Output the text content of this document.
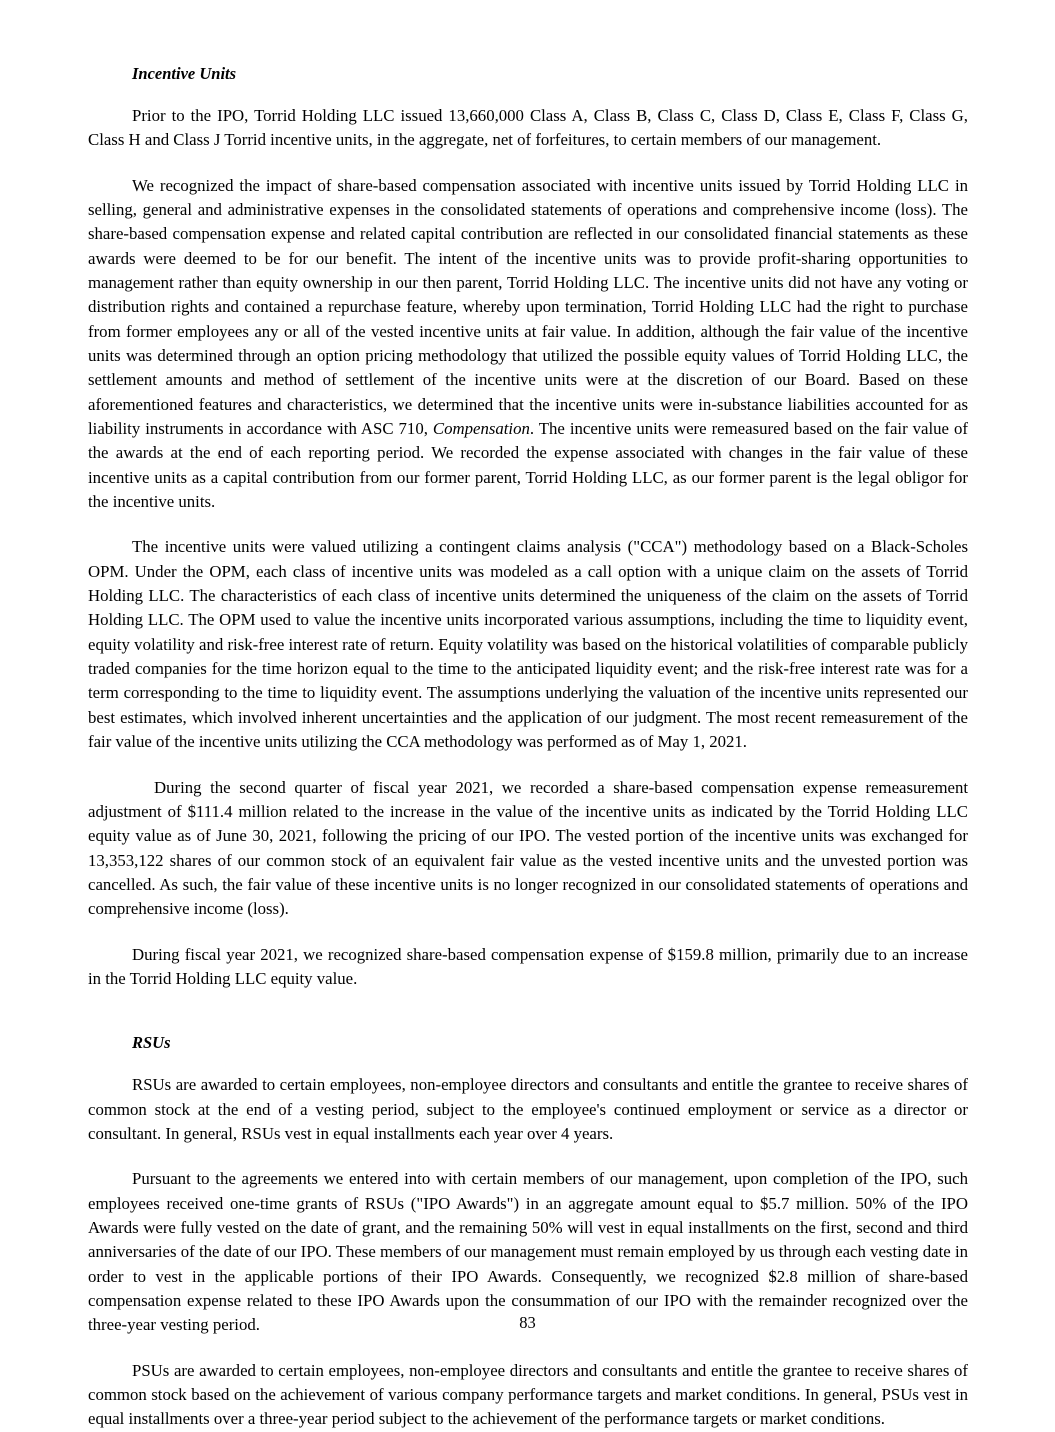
Incentive Units

Prior to the IPO, Torrid Holding LLC issued 13,660,000 Class A, Class B, Class C, Class D, Class E, Class F, Class G, Class H and Class J Torrid incentive units, in the aggregate, net of forfeitures, to certain members of our management.

We recognized the impact of share-based compensation associated with incentive units issued by Torrid Holding LLC in selling, general and administrative expenses in the consolidated statements of operations and comprehensive income (loss). The share-based compensation expense and related capital contribution are reflected in our consolidated financial statements as these awards were deemed to be for our benefit. The intent of the incentive units was to provide profit-sharing opportunities to management rather than equity ownership in our then parent, Torrid Holding LLC. The incentive units did not have any voting or distribution rights and contained a repurchase feature, whereby upon termination, Torrid Holding LLC had the right to purchase from former employees any or all of the vested incentive units at fair value. In addition, although the fair value of the incentive units was determined through an option pricing methodology that utilized the possible equity values of Torrid Holding LLC, the settlement amounts and method of settlement of the incentive units were at the discretion of our Board. Based on these aforementioned features and characteristics, we determined that the incentive units were in-substance liabilities accounted for as liability instruments in accordance with ASC 710, Compensation. The incentive units were remeasured based on the fair value of the awards at the end of each reporting period. We recorded the expense associated with changes in the fair value of these incentive units as a capital contribution from our former parent, Torrid Holding LLC, as our former parent is the legal obligor for the incentive units.

The incentive units were valued utilizing a contingent claims analysis ("CCA") methodology based on a Black-Scholes OPM. Under the OPM, each class of incentive units was modeled as a call option with a unique claim on the assets of Torrid Holding LLC. The characteristics of each class of incentive units determined the uniqueness of the claim on the assets of Torrid Holding LLC. The OPM used to value the incentive units incorporated various assumptions, including the time to liquidity event, equity volatility and risk-free interest rate of return. Equity volatility was based on the historical volatilities of comparable publicly traded companies for the time horizon equal to the time to the anticipated liquidity event; and the risk-free interest rate was for a term corresponding to the time to liquidity event. The assumptions underlying the valuation of the incentive units represented our best estimates, which involved inherent uncertainties and the application of our judgment. The most recent remeasurement of the fair value of the incentive units utilizing the CCA methodology was performed as of May 1, 2021.

During the second quarter of fiscal year 2021, we recorded a share-based compensation expense remeasurement adjustment of $111.4 million related to the increase in the value of the incentive units as indicated by the Torrid Holding LLC equity value as of June 30, 2021, following the pricing of our IPO. The vested portion of the incentive units was exchanged for 13,353,122 shares of our common stock of an equivalent fair value as the vested incentive units and the unvested portion was cancelled. As such, the fair value of these incentive units is no longer recognized in our consolidated statements of operations and comprehensive income (loss).

During fiscal year 2021, we recognized share-based compensation expense of $159.8 million, primarily due to an increase in the Torrid Holding LLC equity value.

RSUs

RSUs are awarded to certain employees, non-employee directors and consultants and entitle the grantee to receive shares of common stock at the end of a vesting period, subject to the employee's continued employment or service as a director or consultant. In general, RSUs vest in equal installments each year over 4 years.

Pursuant to the agreements we entered into with certain members of our management, upon completion of the IPO, such employees received one-time grants of RSUs ("IPO Awards") in an aggregate amount equal to $5.7 million. 50% of the IPO Awards were fully vested on the date of grant, and the remaining 50% will vest in equal installments on the first, second and third anniversaries of the date of our IPO. These members of our management must remain employed by us through each vesting date in order to vest in the applicable portions of their IPO Awards. Consequently, we recognized $2.8 million of share-based compensation expense related to these IPO Awards upon the consummation of our IPO with the remainder recognized over the three-year vesting period.

PSUs are awarded to certain employees, non-employee directors and consultants and entitle the grantee to receive shares of common stock based on the achievement of various company performance targets and market conditions. In general, PSUs vest in equal installments over a three-year period subject to the achievement of the performance targets or market conditions.

83
